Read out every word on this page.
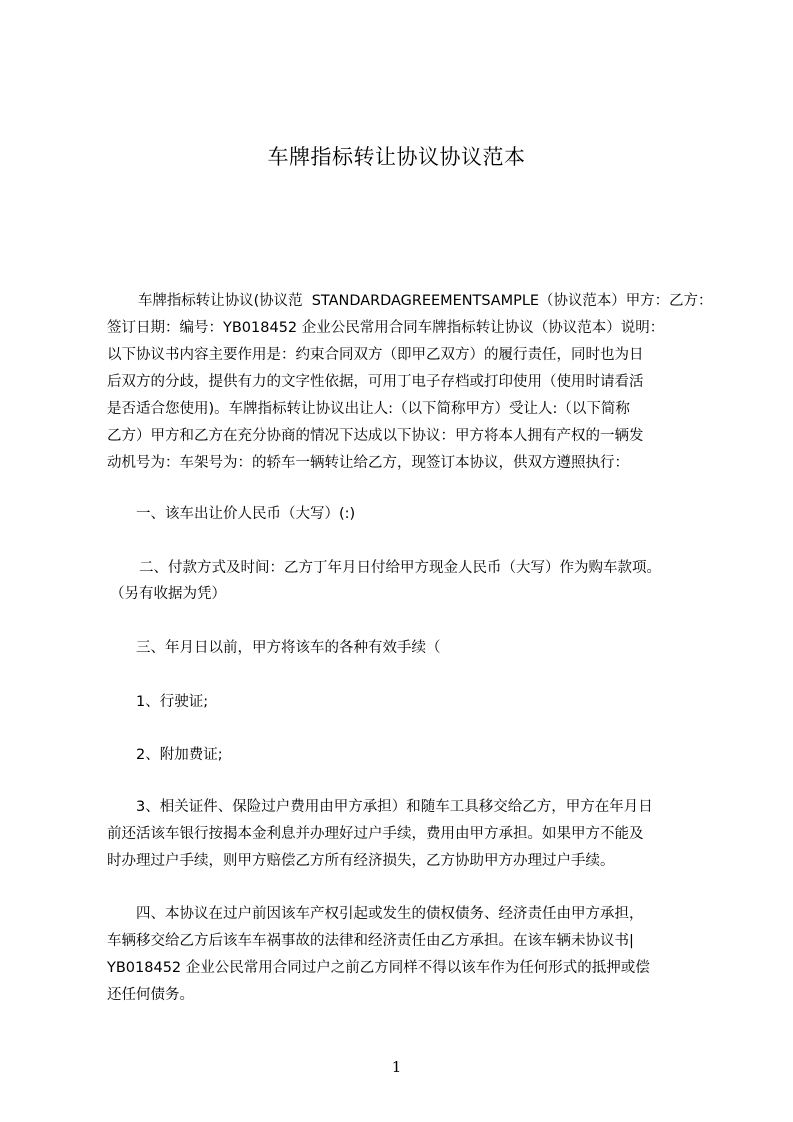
车牌指标转让协议协议范本
车牌指标转让协议(协议范  STANDARDAGREEMENTSAMPLE（协议范本）甲方：乙方：
签订日期：编号：YB018452 企业公民常用合同车牌指标转让协议（协议范本）说明：
以下协议书内容主要作用是：约束合同双方（即甲乙双方）的履行责任，同时也为日
后双方的分歧，提供有力的文字性依据，可用丁电子存档或打印使用（使用时请看活
是否适合您使用)。车牌指标转让协议出让人:（以下简称甲方）受让人:（以下简称
乙方）甲方和乙方在充分协商的情况下达成以下协议：甲方将本人拥有产权的一辆发
动机号为：车架号为：的轿车一辆转让给乙方，现签订本协议，供双方遵照执行：
一、该车出让价人民币（大写）(:)
二、付款方式及时间：乙方丁年月日付给甲方现金人民币（大写）作为购车款项。
（另有收据为凭）
三、年月日以前，甲方将该车的各种有效手续（
1、行驶证;
2、附加费证;
3、相关证件、保险过户费用由甲方承担）和随车工具移交给乙方，甲方在年月日
前还活该车银行按揭本金利息并办理好过户手续，费用由甲方承担。如果甲方不能及
时办理过户手续，则甲方赔偿乙方所有经济损失，乙方协助甲方办理过户手续。
四、本协议在过户前因该车产权引起或发生的债权债务、经济责任由甲方承担，
车辆移交给乙方后该车车祸事故的法律和经济责任由乙方承担。在该车辆未协议书|
YB018452 企业公民常用合同过户之前乙方同样不得以该车作为任何形式的抵押或偿
还任何债务。
1
